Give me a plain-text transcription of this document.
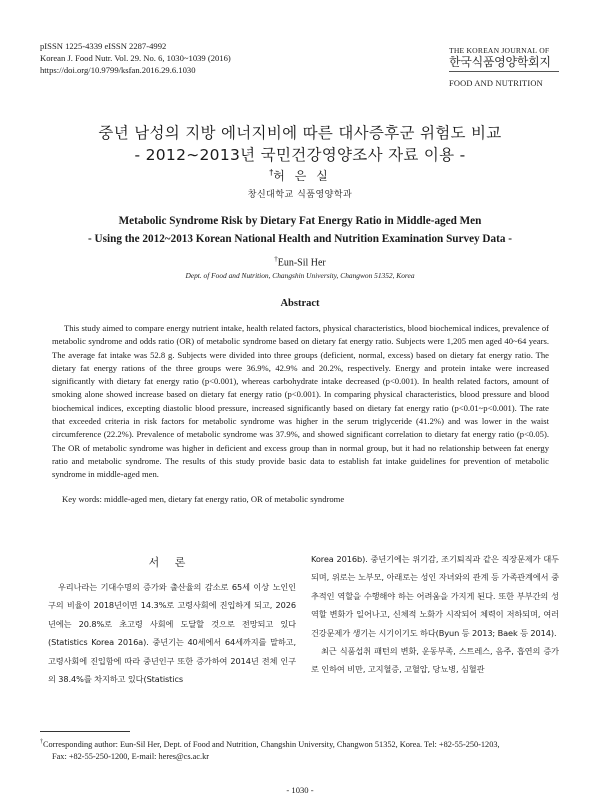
pISSN 1225-4339 eISSN 2287-4992
Korean J. Food Nutr. Vol. 29. No. 6, 1030~1039 (2016)
https://doi.org/10.9799/ksfan.2016.29.6.1030
THE KOREAN JOURNAL OF
한국식품영양학회지
FOOD AND NUTRITION
중년 남성의 지방 에너지비에 따른 대사증후군 위험도 비교
- 2012∼2013년 국민건강영양조사 자료 이용 -
†허 은 실
창신대학교 식품영양학과
Metabolic Syndrome Risk by Dietary Fat Energy Ratio in Middle-aged Men
- Using the 2012~2013 Korean National Health and Nutrition Examination Survey Data -
†Eun-Sil Her
Dept. of Food and Nutrition, Changshin University, Changwon 51352, Korea
Abstract
This study aimed to compare energy nutrient intake, health related factors, physical characteristics, blood biochemical indices, prevalence of metabolic syndrome and odds ratio (OR) of metabolic syndrome based on dietary fat energy ratio. Subjects were 1,205 men aged 40~64 years. The average fat intake was 52.8 g. Subjects were divided into three groups (deficient, normal, excess) based on dietary fat energy ratio. The dietary fat energy rations of the three groups were 36.9%, 42.9% and 20.2%, respectively. Energy and protein intake were increased significantly with dietary fat energy ratio (p<0.001), whereas carbohydrate intake decreased (p<0.001). In health related factors, amount of smoking alone showed increase based on dietary fat energy ratio (p<0.001). In comparing physical characteristics, blood pressure and blood biochemical indices, excepting diastolic blood pressure, increased significantly based on dietary fat energy ratio (p<0.01~p<0.001). The rate that exceeded criteria in risk factors for metabolic syndrome was higher in the serum triglyceride (41.2%) and was lower in the waist circumference (22.2%). Prevalence of metabolic syndrome was 37.9%, and showed significant correlation to dietary fat energy ratio (p<0.05). The OR of metabolic syndrome was higher in deficient and excess group than in normal group, but it had no relationship between fat energy ratio and metabolic syndrome. The results of this study provide basic data to establish fat intake guidelines for prevention of metabolic syndrome in middle-aged men.
Key words: middle-aged men, dietary fat energy ratio, OR of metabolic syndrome
서 론

우리나라는 기대수명의 증가와 출산율의 감소로 65세 이상 노인인구의 비율이 2018년이면 14.3%로 고령사회에 진입하게 되고, 2026년에는 20.8%로 초고령 사회에 도달할 것으로 전망되고 있다(Statistics Korea 2016a). 중년기는 40세에서 64세까지를 말하고, 고령사회에 진입함에 따라 중년인구 또한 증가하여 2014년 전체 인구의 38.4%를 차지하고 있다(Statistics

Korea 2016b). 중년기에는 위기감, 조기퇴직과 같은 직장문제가 대두되며, 위로는 노부모, 아래로는 성인 자녀와의 관계 등 가족관계에서 중추적인 역할을 수행해야 하는 어려움을 가지게 된다. 또한 부부간의 성역할 변화가 일어나고, 신체적 노화가 시작되어 체력이 저하되며, 여러 건강문제가 생기는 시기이기도 하다(Byun 등 2013; Baek 등 2014).

최근 식품섭취 패턴의 변화, 운동부족, 스트레스, 음주, 흡연의 증가로 인하여 비만, 고지혈증, 고혈압, 당뇨병, 심혈관

†Corresponding author: Eun-Sil Her, Dept. of Food and Nutrition, Changshin University, Changwon 51352, Korea. Tel: +82-55-250-1203,
Fax: +82-55-250-1200, E-mail: heres@cs.ac.kr
- 1030 -
